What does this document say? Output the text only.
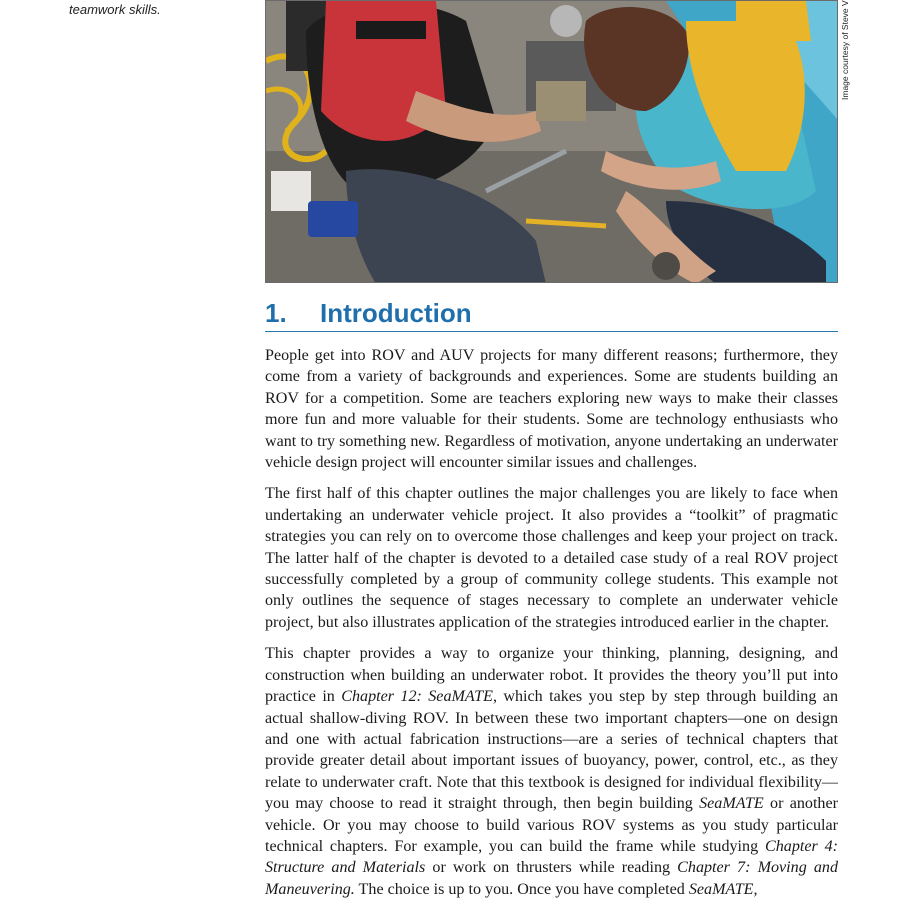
teamwork skills.	Image courtesy of Steve V
1. Introduction

People get into ROV and AUV projects for many different reasons; furthermore, they come from a variety of backgrounds and experiences. Some are students building an ROV for a competition. Some are teachers exploring new ways to make their classes more fun and more valuable for their students. Some are technology enthusiasts who want to try something new. Regardless of motivation, anyone undertaking an underwater vehicle design project will encounter similar issues and challenges.

The first half of this chapter outlines the major challenges you are likely to face when undertaking an underwater vehicle project. It also provides a “toolkit” of pragmatic strategies you can rely on to overcome those challenges and keep your project on track. The latter half of the chapter is devoted to a detailed case study of a real ROV project successfully completed by a group of community college students. This example not only outlines the sequence of stages necessary to complete an underwater vehicle project, but also illustrates application of the strategies introduced earlier in the chapter.

This chapter provides a way to organize your thinking, planning, designing, and construction when building an underwater robot. It provides the theory you’ll put into practice in Chapter 12: SeaMATE, which takes you step by step through building an actual shallow-diving ROV. In between these two important chapters—one on design and one with actual fabrication instructions—are a series of technical chapters that provide greater detail about important issues of buoyancy, power, control, etc., as they relate to underwater craft. Note that this textbook is designed for individual flexibility—you may choose to read it straight through, then begin building SeaMATE or another vehicle. Or you may choose to build various ROV systems as you study particular technical chapters. For example, you can build the frame while studying Chapter 4: Structure and Materials or work on thrusters while reading Chapter 7: Moving and Maneuvering. The choice is up to you. Once you have completed SeaMATE,
